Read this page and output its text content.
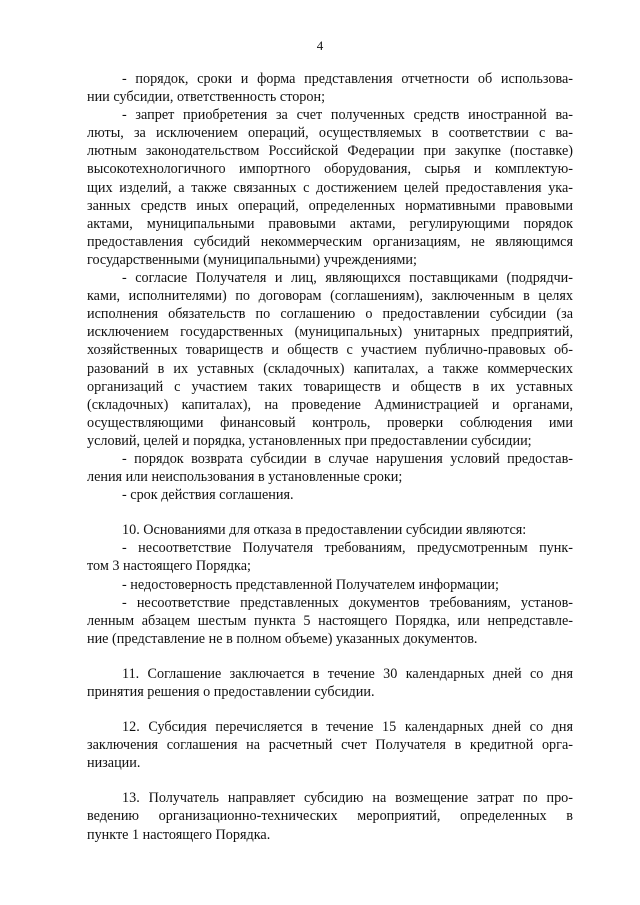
4
- порядок, сроки и форма представления отчетности об использова-
нии субсидии, ответственность сторон;
- запрет приобретения за счет полученных средств иностранной ва-
люты, за исключением операций, осуществляемых в соответствии с ва-
лютным законодательством Российской Федерации при закупке (поставке)
высокотехнологичного импортного оборудования, сырья и комплектую-
щих изделий, а также связанных с достижением целей предоставления ука-
занных средств иных операций, определенных нормативными правовыми
актами, муниципальными правовыми актами, регулирующими порядок
предоставления субсидий некоммерческим организациям, не являющимся
государственными (муниципальными) учреждениями;
- согласие Получателя и лиц, являющихся поставщиками (подрядчи-
ками, исполнителями) по договорам (соглашениям), заключенным в целях
исполнения обязательств по соглашению о предоставлении субсидии (за
исключением государственных (муниципальных) унитарных предприятий,
хозяйственных товариществ и обществ с участием публично-правовых об-
разований в их уставных (складочных) капиталах, а также коммерческих
организаций с участием таких товариществ и обществ в их уставных
(складочных) капиталах), на проведение Администрацией и органами,
осуществляющими финансовый контроль, проверки соблюдения ими
условий, целей и порядка, установленных при предоставлении субсидии;
- порядок возврата субсидии в случае нарушения условий предостав-
ления или неиспользования в установленные сроки;
- срок действия соглашения.
10. Основаниями для отказа в предоставлении субсидии являются:
- несоответствие Получателя требованиям, предусмотренным пунк-
том 3 настоящего Порядка;
- недостоверность представленной Получателем информации;
- несоответствие представленных документов требованиям, установ-
ленным абзацем шестым пункта 5 настоящего Порядка, или непредставле-
ние (представление не в полном объеме) указанных документов.
11. Соглашение заключается в течение 30 календарных дней со дня
принятия решения о предоставлении субсидии.
12. Субсидия перечисляется в течение 15 календарных дней со дня
заключения соглашения на расчетный счет Получателя в кредитной орга-
низации.
13. Получатель направляет субсидию на возмещение затрат по про-
ведению организационно-технических мероприятий, определенных в
пункте 1 настоящего Порядка.
